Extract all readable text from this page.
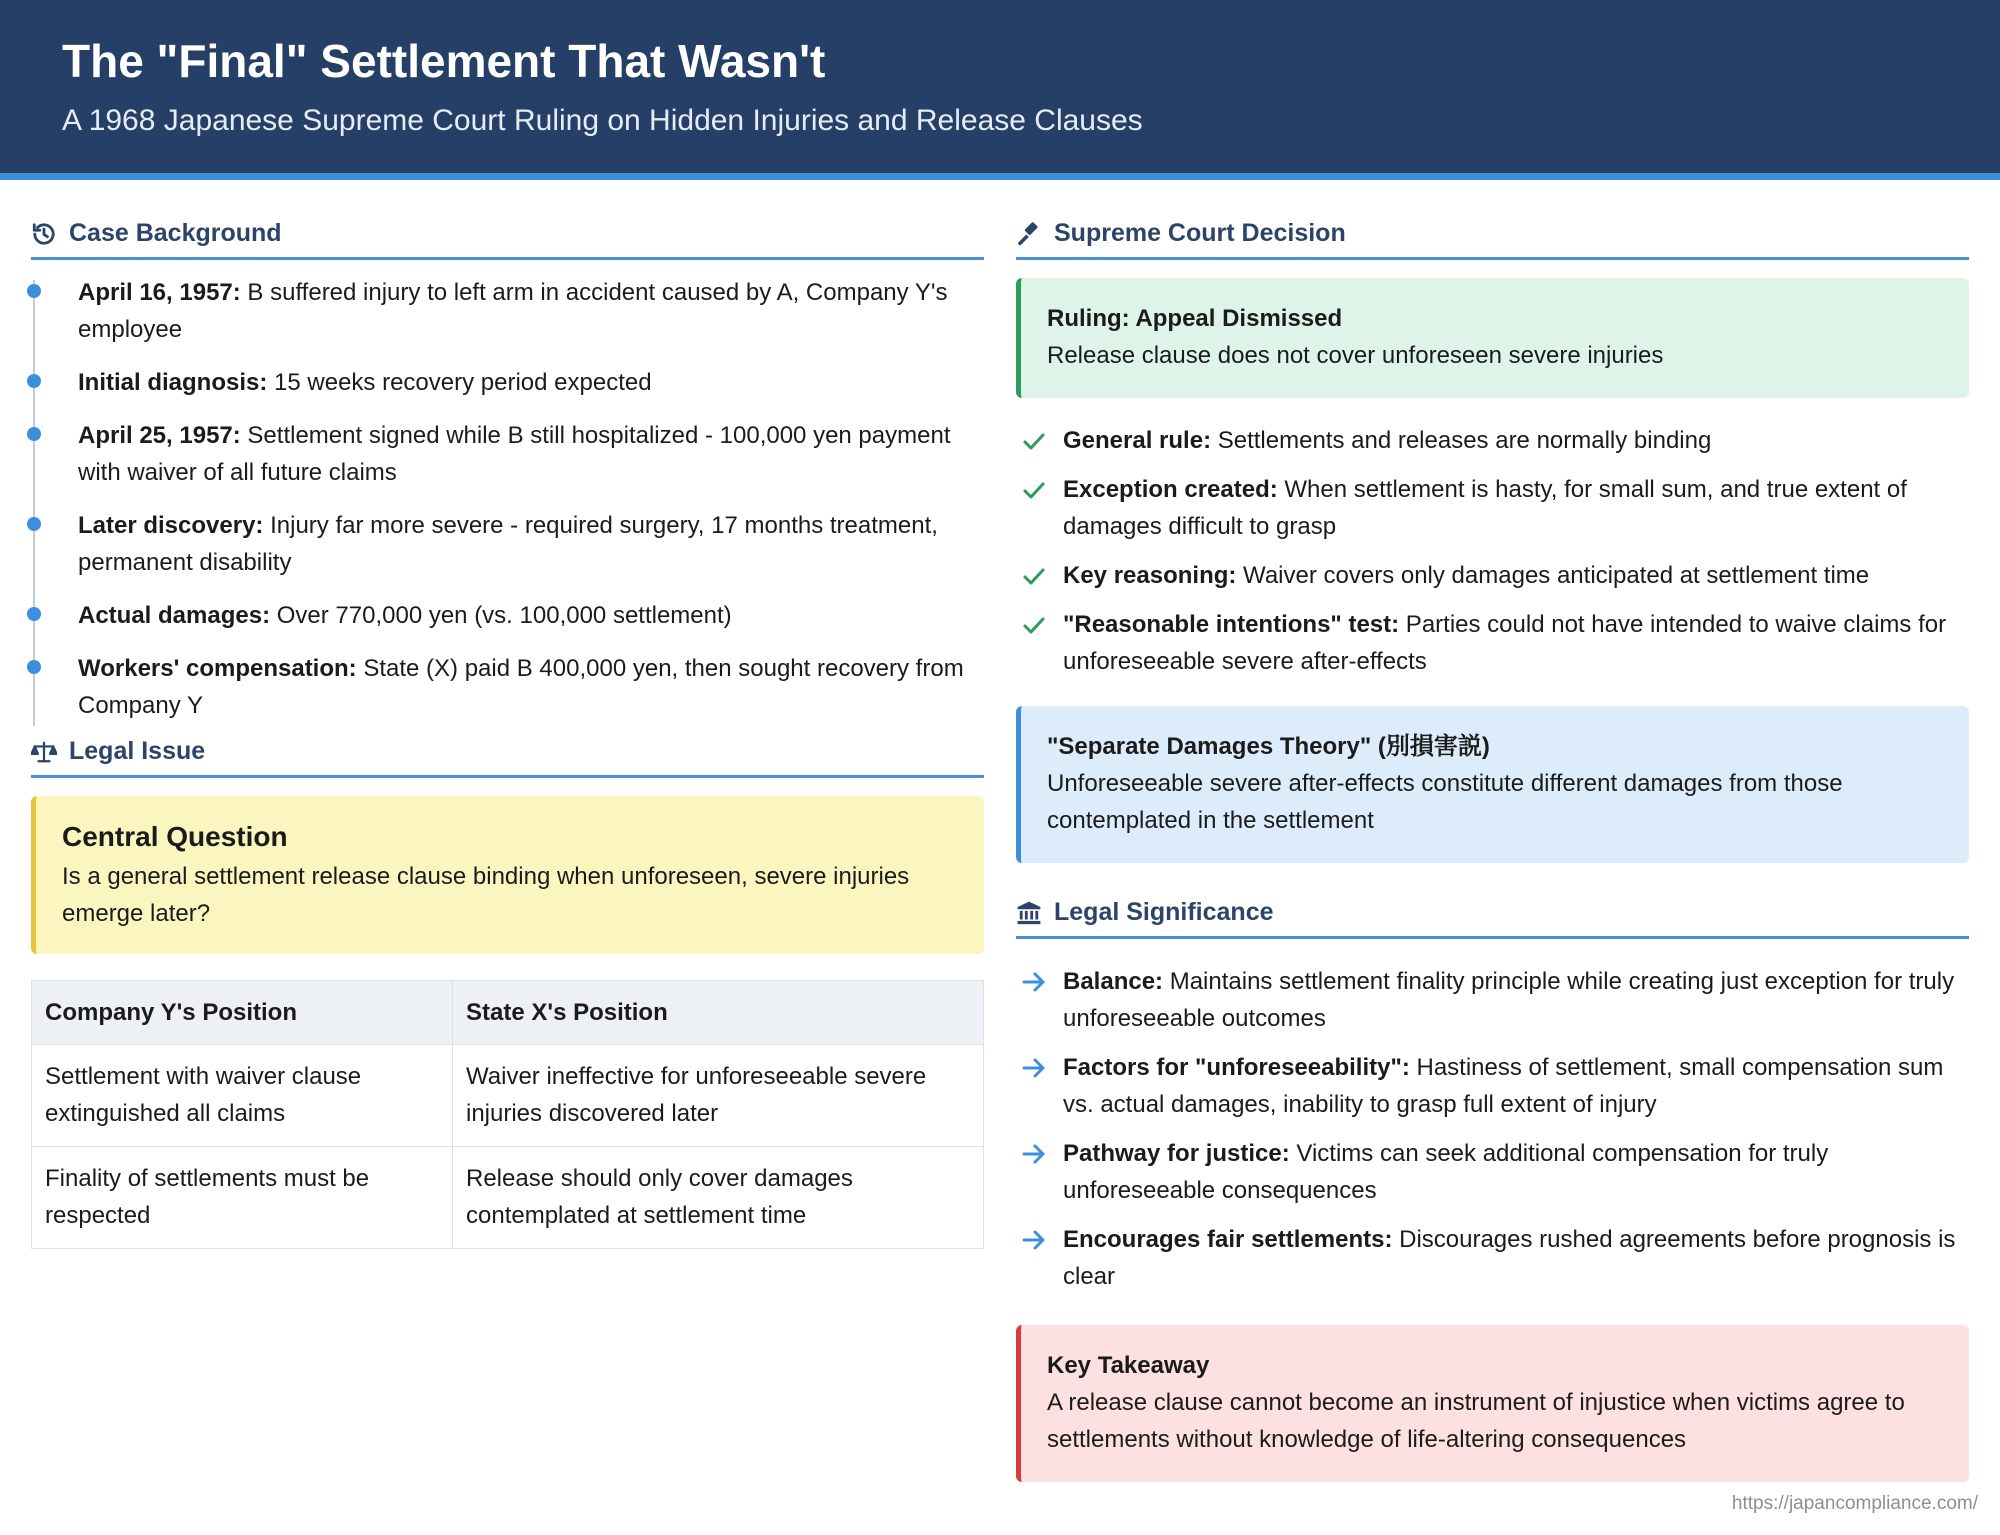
The "Final" Settlement That Wasn't
A 1968 Japanese Supreme Court Ruling on Hidden Injuries and Release Clauses
Case Background
April 16, 1957: B suffered injury to left arm in accident caused by A, Company Y's employee
Initial diagnosis: 15 weeks recovery period expected
April 25, 1957: Settlement signed while B still hospitalized - 100,000 yen payment with waiver of all future claims
Later discovery: Injury far more severe - required surgery, 17 months treatment, permanent disability
Actual damages: Over 770,000 yen (vs. 100,000 settlement)
Workers' compensation: State (X) paid B 400,000 yen, then sought recovery from Company Y
Legal Issue
Central Question
Is a general settlement release clause binding when unforeseen, severe injuries emerge later?
Company Y's Position	State X's Position
Settlement with waiver clause extinguished all claims	Waiver ineffective for unforeseeable severe injuries discovered later
Finality of settlements must be respected	Release should only cover damages contemplated at settlement time
Supreme Court Decision
Ruling: Appeal Dismissed
Release clause does not cover unforeseen severe injuries
General rule: Settlements and releases are normally binding
Exception created: When settlement is hasty, for small sum, and true extent of damages difficult to grasp
Key reasoning: Waiver covers only damages anticipated at settlement time
"Reasonable intentions" test: Parties could not have intended to waive claims for unforeseeable severe after-effects
"Separate Damages Theory" (別損害説)
Unforeseeable severe after-effects constitute different damages from those contemplated in the settlement
Legal Significance
Balance: Maintains settlement finality principle while creating just exception for truly unforeseeable outcomes
Factors for "unforeseeability": Hastiness of settlement, small compensation sum vs. actual damages, inability to grasp full extent of injury
Pathway for justice: Victims can seek additional compensation for truly unforeseeable consequences
Encourages fair settlements: Discourages rushed agreements before prognosis is clear
Key Takeaway
A release clause cannot become an instrument of injustice when victims agree to settlements without knowledge of life-altering consequences
https://japancompliance.com/
